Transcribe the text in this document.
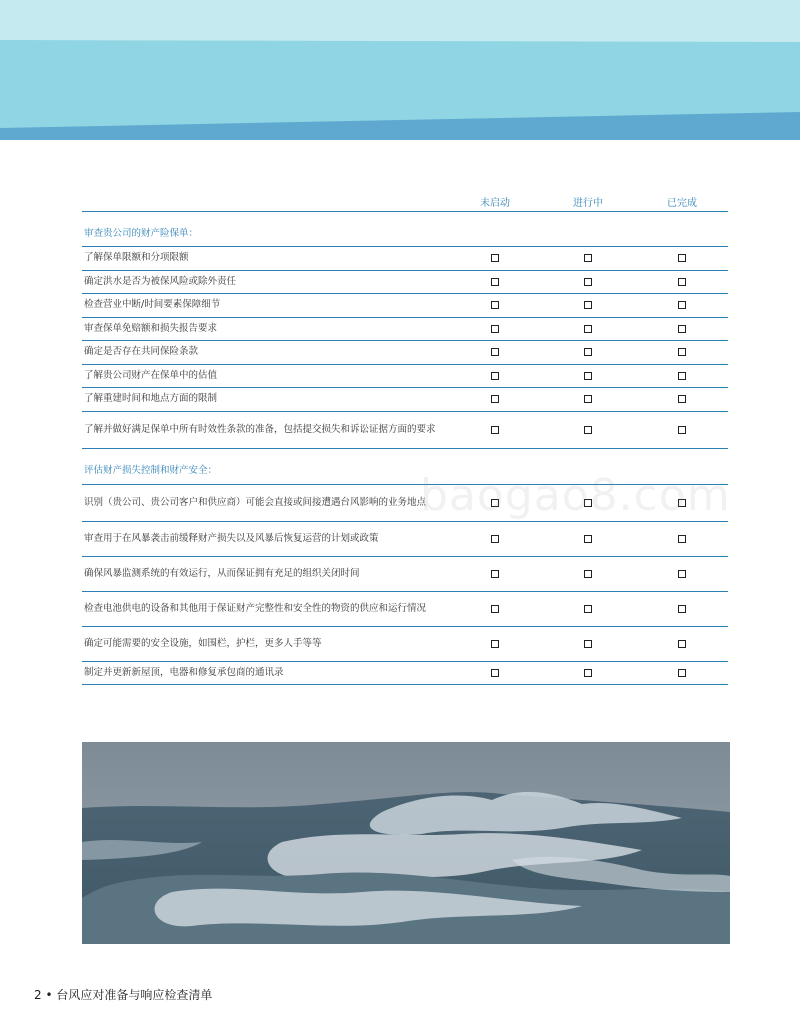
未启动	进行中	已完成
审查贵公司的财产险保单：
了解保单限额和分项限额
确定洪水是否为被保风险或除外责任
检查营业中断/时间要素保障细节
审查保单免赔额和损失报告要求
确定是否存在共同保险条款
了解贵公司财产在保单中的估值
了解重建时间和地点方面的限制
了解并做好满足保单中所有时效性条款的准备，包括提交损失和诉讼证据方面的要求
评估财产损失控制和财产安全：
识别（贵公司、贵公司客户和供应商）可能会直接或间接遭遇台风影响的业务地点
审查用于在风暴袭击前缓释财产损失以及风暴后恢复运营的计划或政策
确保风暴监测系统的有效运行，从而保证拥有充足的组织关闭时间
检查电池供电的设备和其他用于保证财产完整性和安全性的物资的供应和运行情况
确定可能需要的安全设施，如围栏，护栏，更多人手等等
制定并更新新屋顶，电器和修复承包商的通讯录
baogao8.com
2 • 台风应对准备与响应检查清单
